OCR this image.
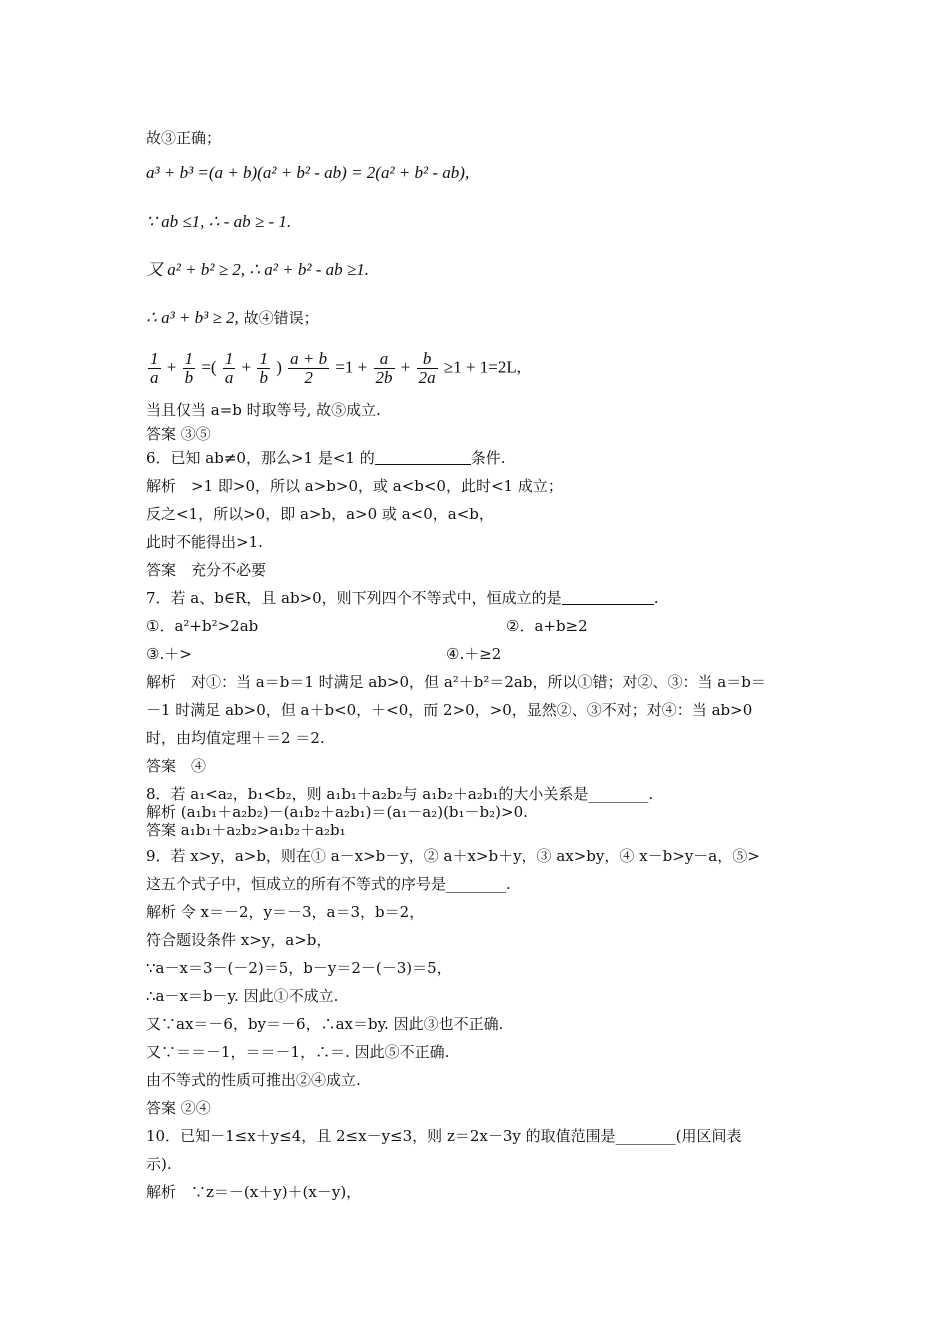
故③正确；
a³ + b³ =(a + b)(a² + b² - ab) = 2(a² + b² - ab),
∵ ab ≤1, ∴ - ab ≥ - 1.
又 a² + b² ≥ 2, ∴ a² + b² - ab ≥1.
∴ a³ + b³ ≥ 2, 故④错误；
$\frac{1}{a} + \frac{1}{b}$ =( $\frac{1}{a} + \frac{1}{b}$ ) $\frac{a + b}{2} =1 + \frac{a}{2b} + \frac{b}{2a} \ge 1 + 1=2L$,
当且仅当 a=b 时取等号, 故⑤成立.
答案 ③⑤
6．已知 ab≠0，那么>1 是<1 的	条件.
解析　>1 即>0，所以 a>b>0，或 a<b<0，此时<1 成立；
反之<1，所以>0，即 a>b，a>0 或 a<0，a<b，
此时不能得出>1.
答案　充分不必要
7．若 a、b∈R，且 ab>0，则下列四个不等式中，恒成立的是	.
①．a²+b²>2ab	②．a+b≥2
③.＋>	④.＋≥2
解析　对①：当 a＝b＝1 时满足 ab>0，但 a²＋b²＝2ab，所以①错；对②、③：当 a＝b＝
－1 时满足 ab>0，但 a＋b<0，＋<0，而 2>0，>0，显然②、③不对；对④：当 ab>0
时，由均值定理＋＝2 ＝2.
答案　④
8．若 a₁<a₂，b₁<b₂，则 a₁b₁＋a₂b₂与 a₁b₂＋a₂b₁的大小关系是________.
解析 (a₁b₁＋a₂b₂)－(a₁b₂＋a₂b₁)＝(a₁－a₂)(b₁－b₂)>0.
答案 a₁b₁＋a₂b₂>a₁b₂＋a₂b₁
9．若 x>y，a>b，则在① a－x>b－y，② a＋x>b＋y，③ ax>by，④ x－b>y－a，⑤>
这五个式子中，恒成立的所有不等式的序号是________.
解析 令 x＝－2，y＝－3，a＝3，b＝2，
符合题设条件 x>y，a>b，
∵a－x＝3－(－2)＝5，b－y＝2－(－3)＝5，
∴a－x＝b－y. 因此①不成立.
又∵ax＝－6，by＝－6，∴ax＝by. 因此③也不正确.
又∵＝＝－1，＝＝－1，∴＝. 因此⑤不正确.
由不等式的性质可推出②④成立.
答案 ②④
10．已知－1≤x＋y≤4，且 2≤x－y≤3，则 z＝2x－3y 的取值范围是________(用区间表
示).
解析　∵z＝－(x＋y)＋(x－y)，
